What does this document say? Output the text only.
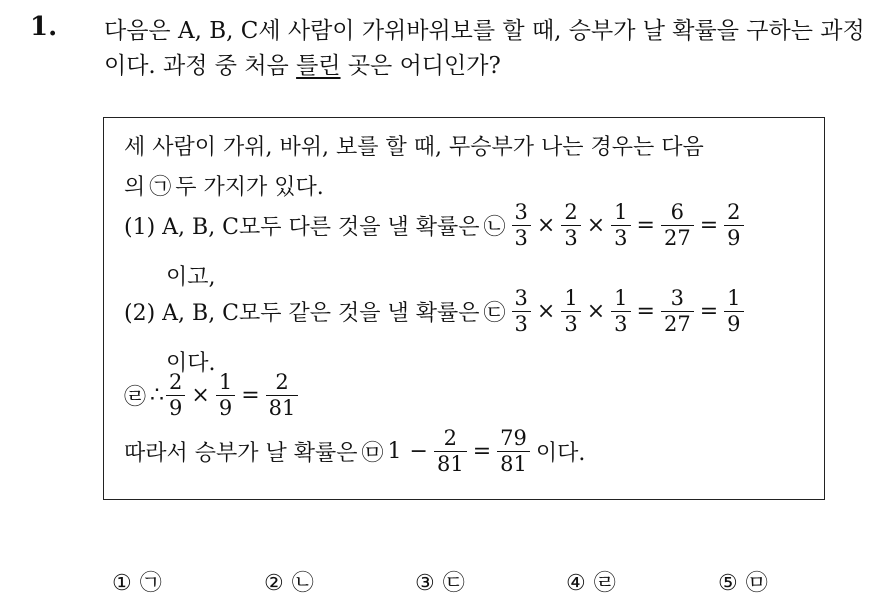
1. 다음은 A, B, C세 사람이 가위바위보를 할 때, 승부가 날 확률을 구하는 과정이다. 과정 중 처음 틀린 곳은 어디인가?
세 사람이 가위, 바위, 보를 할 때, 무승부가 나는 경우는 다음
의 ㉠ 두 가지가 있다.
(1) A, B, C모두 다른 것을 낼 확률은 ㉡ $\frac{3}{3} \times \frac{2}{3} \times \frac{1}{3} = \frac{6}{27} = \frac{2}{9}$
이고,
(2) A, B, C모두 같은 것을 낼 확률은 ㉢ $\frac{3}{3} \times \frac{1}{3} \times \frac{1}{3} = \frac{3}{27} = \frac{1}{9}$
이다.
㉣ ∴ $\frac{2}{9} \times \frac{1}{9} = \frac{2}{81}$
따라서 승부가 날 확률은 ㉤ $1 - \frac{2}{81} = \frac{79}{81}$ 이다.
① ㉠	② ㉡	③ ㉢	④ ㉣	⑤ ㉤
